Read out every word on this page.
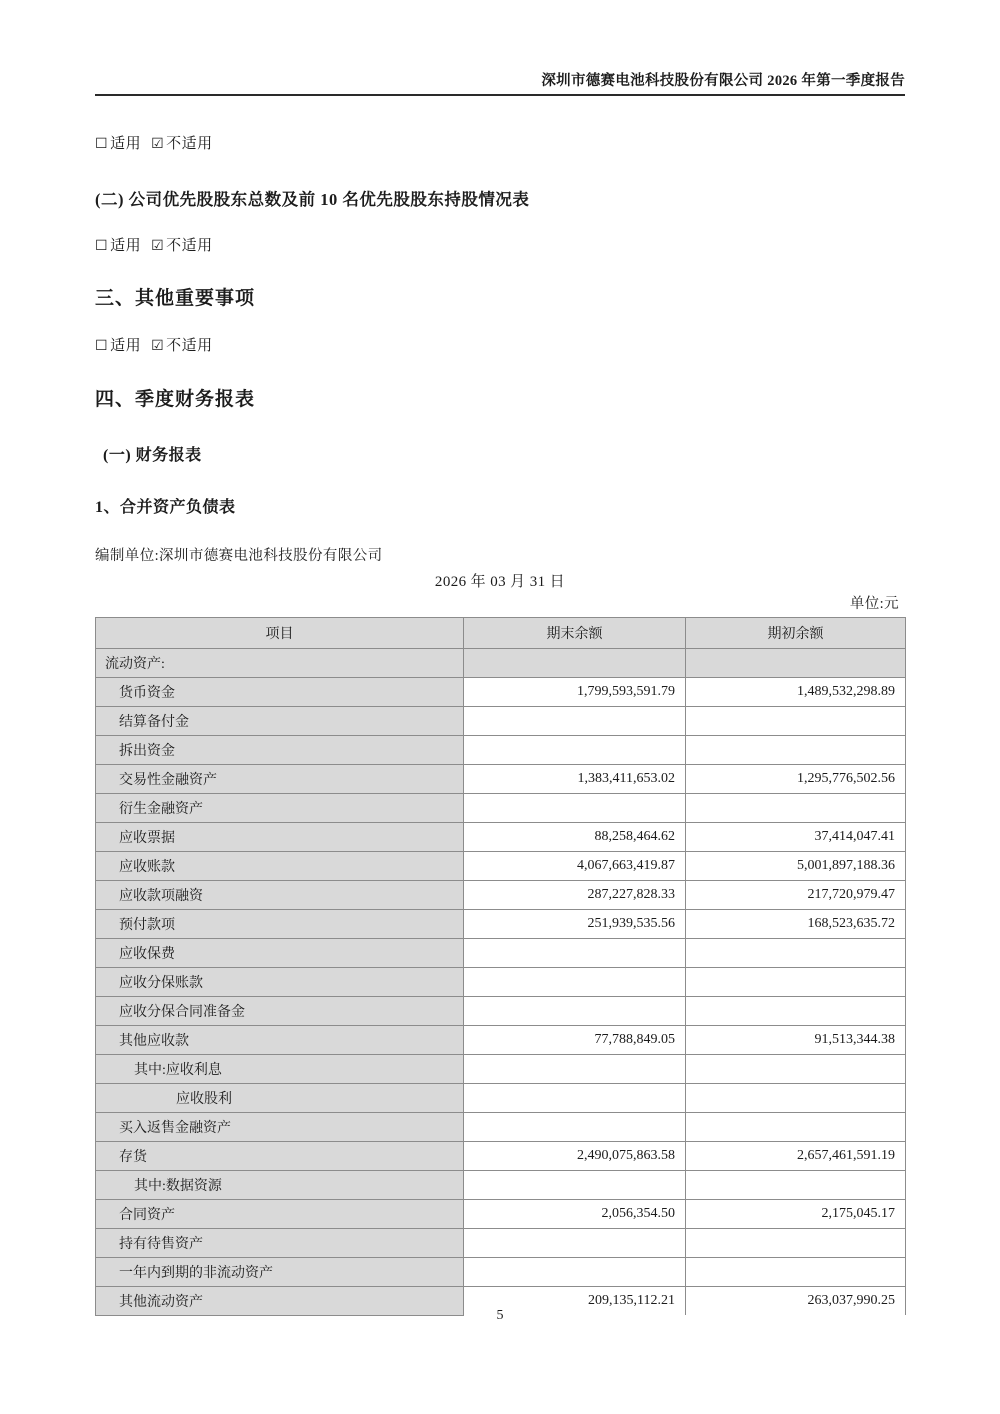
深圳市德赛电池科技股份有限公司 2026 年第一季度报告
☐ 适用 ☑ 不适用
(二) 公司优先股股东总数及前 10 名优先股股东持股情况表
☐ 适用 ☑ 不适用
三、其他重要事项
☐ 适用 ☑ 不适用
四、季度财务报表
(一) 财务报表
1、合并资产负债表
编制单位:深圳市德赛电池科技股份有限公司
2026 年 03 月 31 日
单位:元
项目	期末余额	期初余额
流动资产:		
货币资金	1,799,593,591.79	1,489,532,298.89
结算备付金		
拆出资金		
交易性金融资产	1,383,411,653.02	1,295,776,502.56
衍生金融资产		
应收票据	88,258,464.62	37,414,047.41
应收账款	4,067,663,419.87	5,001,897,188.36
应收款项融资	287,227,828.33	217,720,979.47
预付款项	251,939,535.56	168,523,635.72
应收保费		
应收分保账款		
应收分保合同准备金		
其他应收款	77,788,849.05	91,513,344.38
其中:应收利息		
应收股利		
买入返售金融资产		
存货	2,490,075,863.58	2,657,461,591.19
其中:数据资源		
合同资产	2,056,354.50	2,175,045.17
持有待售资产		
一年内到期的非流动资产		
其他流动资产	209,135,112.21	263,037,990.25
5
